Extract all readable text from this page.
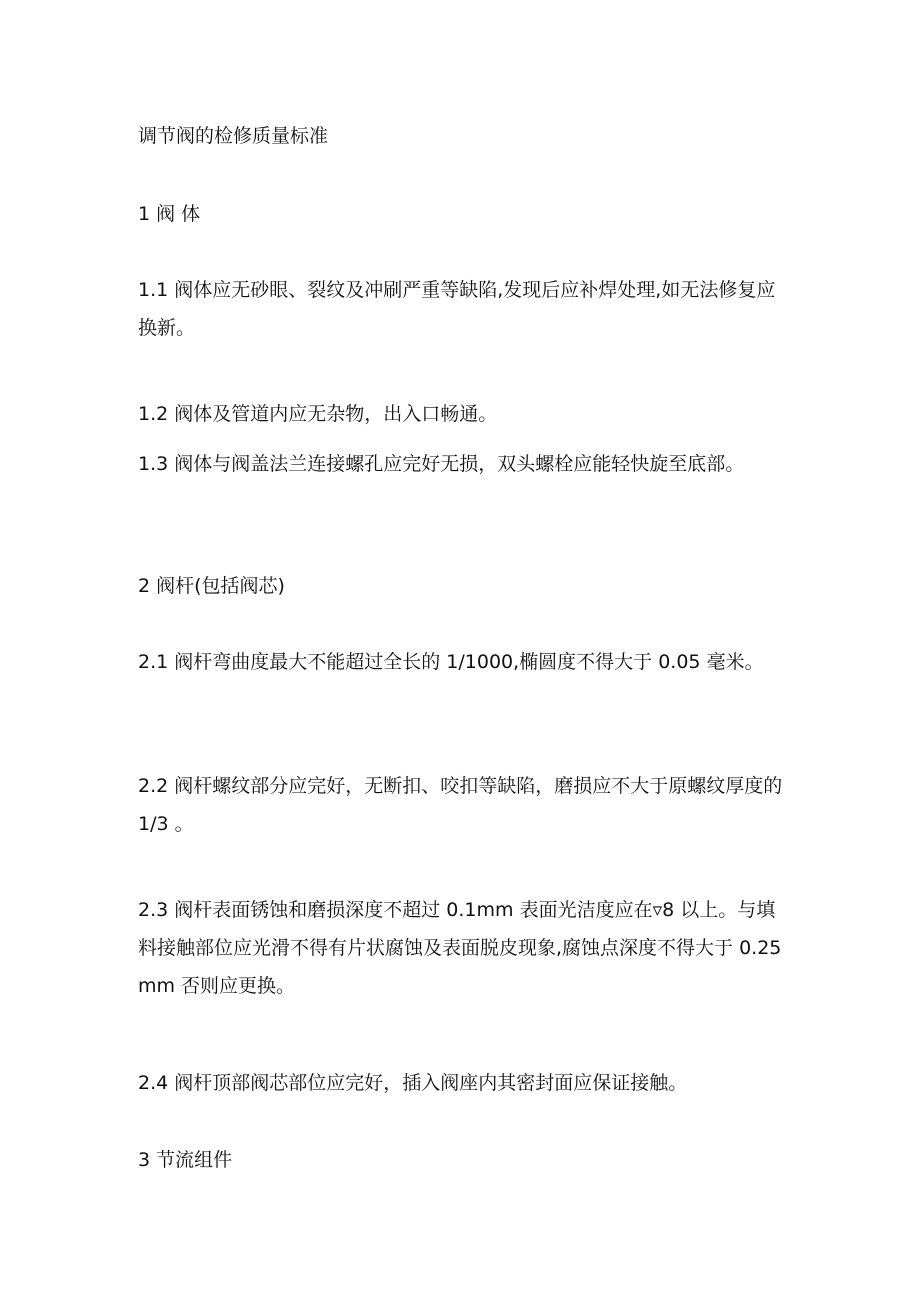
调节阀的检修质量标准

1 阀 体

1.1 阀体应无砂眼、裂纹及冲刷严重等缺陷,发现后应补焊处理,如无法修复应换新。

1.2 阀体及管道内应无杂物，出入口畅通。

1.3 阀体与阀盖法兰连接螺孔应完好无损，双头螺栓应能轻快旋至底部。

2 阀杆(包括阀芯)

2.1 阀杆弯曲度最大不能超过全长的 1/1000,椭圆度不得大于 0.05 毫米。

2.2 阀杆螺纹部分应完好，无断扣、咬扣等缺陷，磨损应不大于原螺纹厚度的 1/3 。

2.3 阀杆表面锈蚀和磨损深度不超过 0.1mm 表面光洁度应在▿8 以上。与填料接触部位应光滑不得有片状腐蚀及表面脱皮现象,腐蚀点深度不得大于 0.25mm 否则应更换。

2.4 阀杆顶部阀芯部位应完好，插入阀座内其密封面应保证接触。

3 节流组件
